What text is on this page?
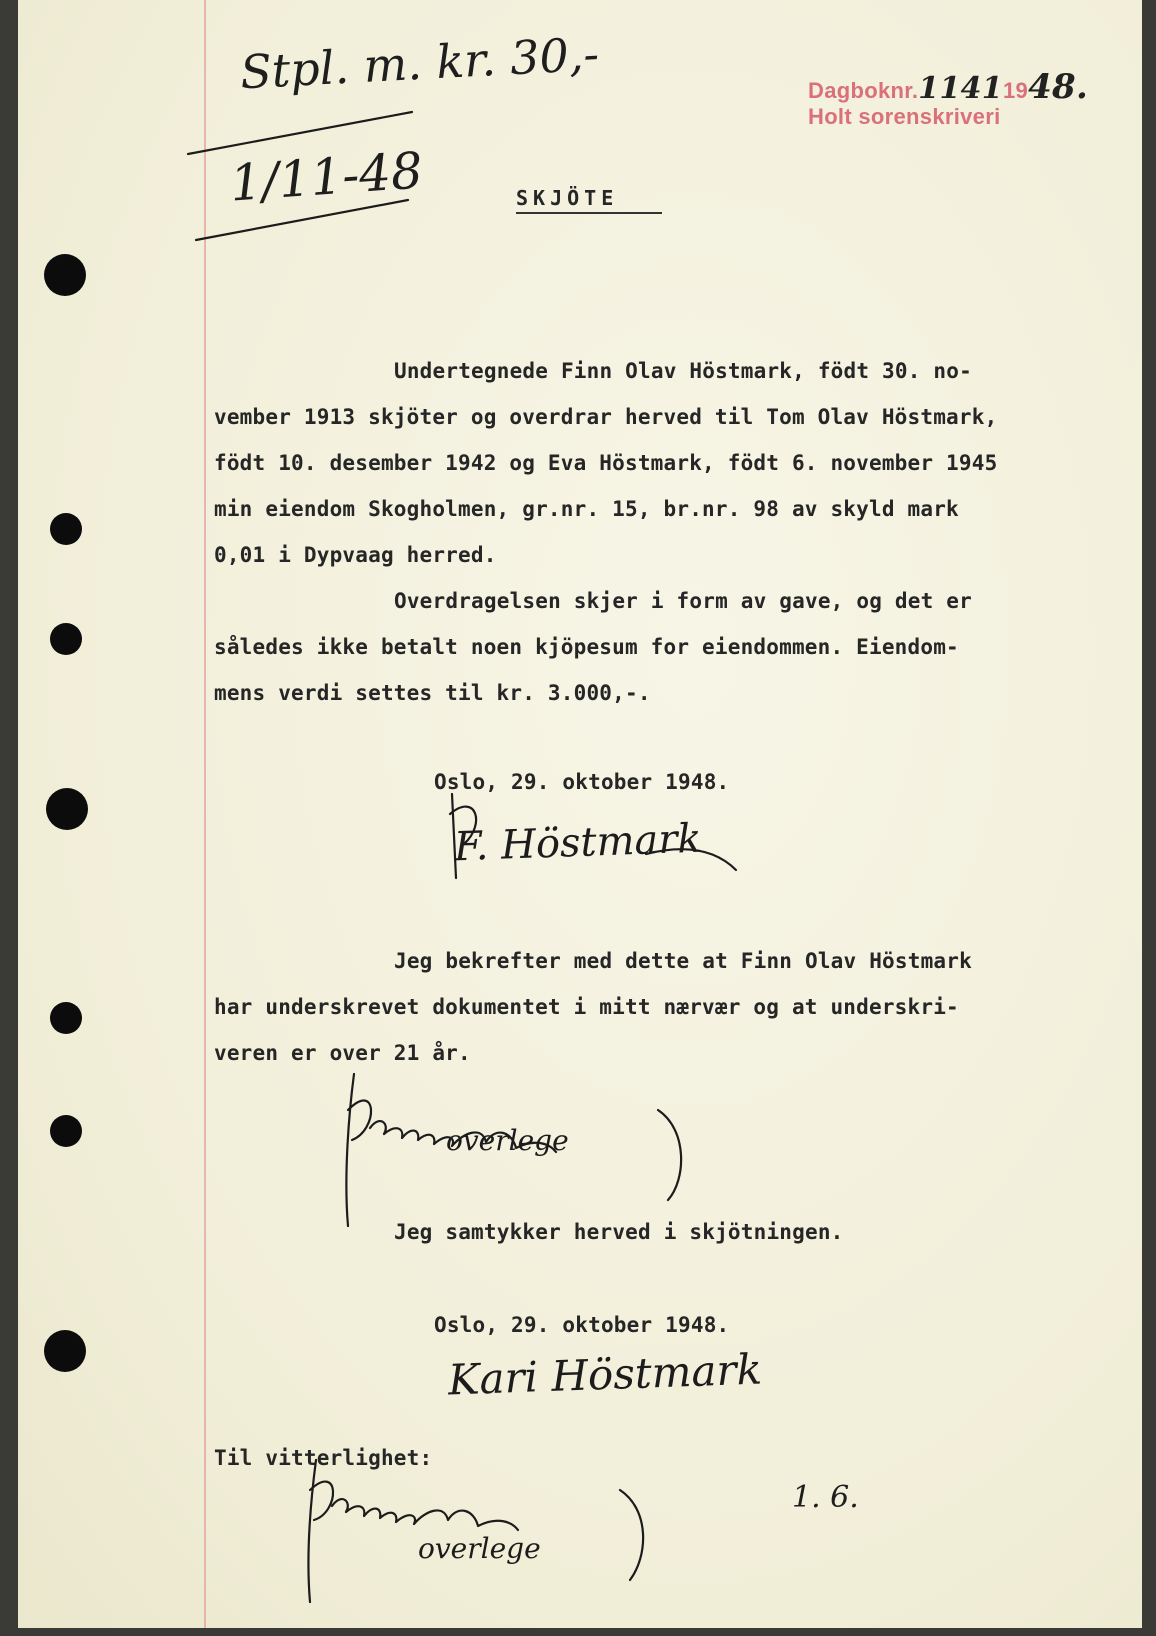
Stpl. m. kr. 30,-
1/11-48
Dagboknr.11411948.
Holt sorenskriveri
SKJÖTE
Undertegnede Finn Olav Höstmark, födt 30. no-
vember 1913 skjöter og overdrar herved til Tom Olav Höstmark,
födt 10. desember 1942 og Eva Höstmark, födt 6. november 1945
min eiendom Skogholmen, gr.nr. 15, br.nr. 98 av skyld mark
0,01 i Dypvaag herred.
Overdragelsen skjer i form av gave, og det er
således ikke betalt noen kjöpesum for eiendommen. Eiendom-
mens verdi settes til kr. 3.000,-.
Oslo, 29. oktober 1948.
F. Höstmark
Jeg bekrefter med dette at Finn Olav Höstmark
har underskrevet dokumentet i mitt nærvær og at underskri-
veren er over 21 år.
overlege
Jeg samtykker herved i skjötningen.
Oslo, 29. oktober 1948.
Kari Höstmark
Til vitterlighet:
overlege
1. 6.
